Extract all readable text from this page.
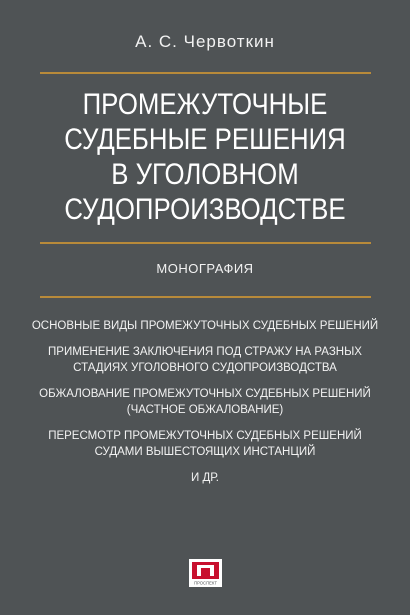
А. С. Червоткин
ПРОМЕЖУТОЧНЫЕ
СУДЕБНЫЕ РЕШЕНИЯ
В УГОЛОВНОМ
СУДОПРОИЗВОДСТВЕ
МОНОГРАФИЯ
ОСНОВНЫЕ ВИДЫ ПРОМЕЖУТОЧНЫХ СУДЕБНЫХ РЕШЕНИЙ
ПРИМЕНЕНИЕ ЗАКЛЮЧЕНИЯ ПОД СТРАЖУ НА РАЗНЫХ
СТАДИЯХ УГОЛОВНОГО СУДОПРОИЗВОДСТВА
ОБЖАЛОВАНИЕ ПРОМЕЖУТОЧНЫХ СУДЕБНЫХ РЕШЕНИЙ
(ЧАСТНОЕ ОБЖАЛОВАНИЕ)
ПЕРЕСМОТР ПРОМЕЖУТОЧНЫХ СУДЕБНЫХ РЕШЕНИЙ
СУДАМИ ВЫШЕСТОЯЩИХ ИНСТАНЦИЙ
И ДР.
ПРОСПЕКТ
